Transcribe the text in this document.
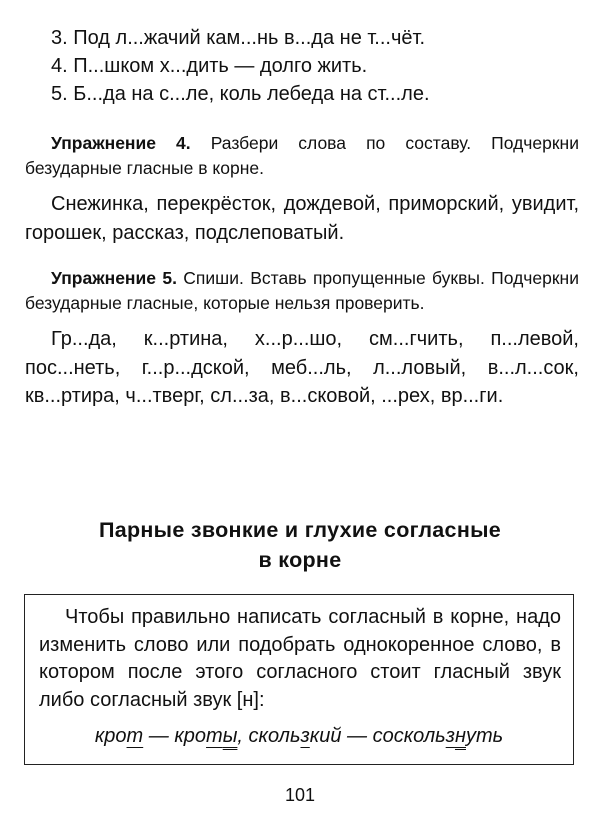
3. Под л...жачий кам...нь в...да не т...чёт.
4. П...шком х...дить — долго жить.
5. Б...да на с...ле, коль лебеда на ст...ле.

Упражнение 4. Разбери слова по составу. Подчеркни безударные гласные в корне.

Снежинка, перекрёсток, дождевой, приморский, увидит, горошек, рассказ, подслеповатый.

Упражнение 5. Спиши. Вставь пропущенные буквы. Подчеркни безударные гласные, которые нельзя проверить.

Гр...да, к...ртина, х...р...шо, см...гчить, п...левой, пос...неть, г...р...дской, меб...ль, л...ловый, в...л...сок, кв...ртира, ч...тверг, сл...за, в...сковой, ...рех, вр...ги.

Парные звонкие и глухие согласные
в корне

Чтобы правильно написать согласный в корне, надо изменить слово или подобрать однокоренное слово, в котором после этого согласного стоит гласный звук либо согласный звук [н]:

крот — кроты, скользкий — соскользнуть
101
